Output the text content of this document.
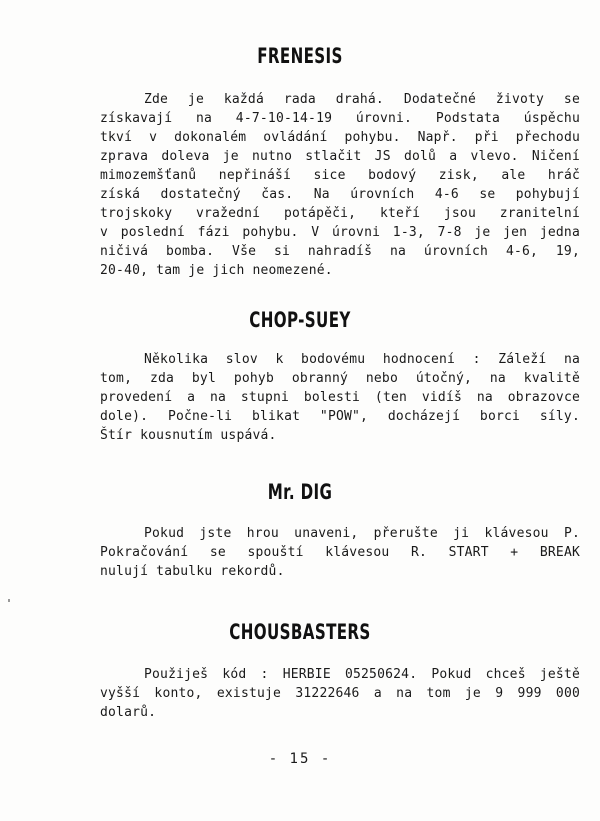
FRENESIS
Zde je každá rada drahá. Dodatečné životy se
získavají na 4-7-10-14-19 úrovni. Podstata úspěchu
tkví v dokonalém ovládání pohybu. Např. při přechodu
zprava doleva je nutno stlačit JS dolů a vlevo. Ničení
mimozemšťanů nepřináší sice bodový zisk, ale hráč
získá dostatečný čas. Na úrovních 4-6 se pohybují
trojskoky vražední potápěči, kteří jsou zranitelní
v poslední fázi pohybu. V úrovni 1-3, 7-8 je jen jedna
ničivá bomba. Vše si nahradíš na úrovních 4-6, 19,
20-40, tam je jich neomezené.
CHOP-SUEY
Několika slov k bodovému hodnocení : Záleží na
tom, zda byl pohyb obranný nebo útočný, na kvalitě
provedení a na stupni bolesti (ten vidíš na obrazovce
dole). Počne-li blikat "POW", docházejí borci síly.
Štír kousnutím uspává.
Mr. DIG
Pokud jste hrou unaveni, přerušte ji klávesou P.
Pokračování se spouští klávesou R. START + BREAK
nulují tabulku rekordů.
CHOUSBASTERS
Použiješ kód : HERBIE 05250624. Pokud chceš ještě
vyšší konto, existuje 31222646 a na tom je 9 999 000
dolarů.
- 15 -
